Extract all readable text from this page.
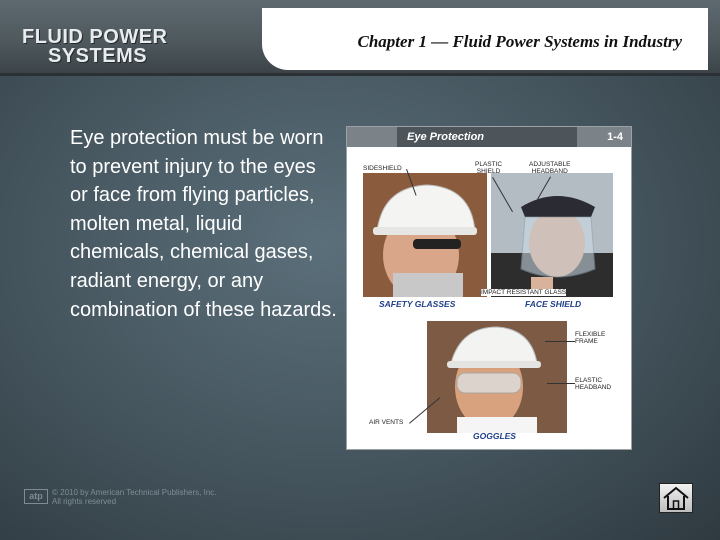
FLUID POWER
SYSTEMS
Chapter 1 — Fluid Power Systems in Industry
Eye protection must be worn to prevent injury to the eyes or face from flying particles, molten metal, liquid chemicals, chemical gases, radiant energy, or any combination of these hazards.
Eye Protection	1-4
SIDESHIELD
PLASTIC
SHIELD
ADJUSTABLE
HEADBAND
IMPACT RESISTANT GLASS
FLEXIBLE
FRAME
ELASTIC
HEADBAND
AIR VENTS
SAFETY GLASSES	FACE SHIELD
GOGGLES
atp	© 2010 by American Technical Publishers, Inc.
All rights reserved
